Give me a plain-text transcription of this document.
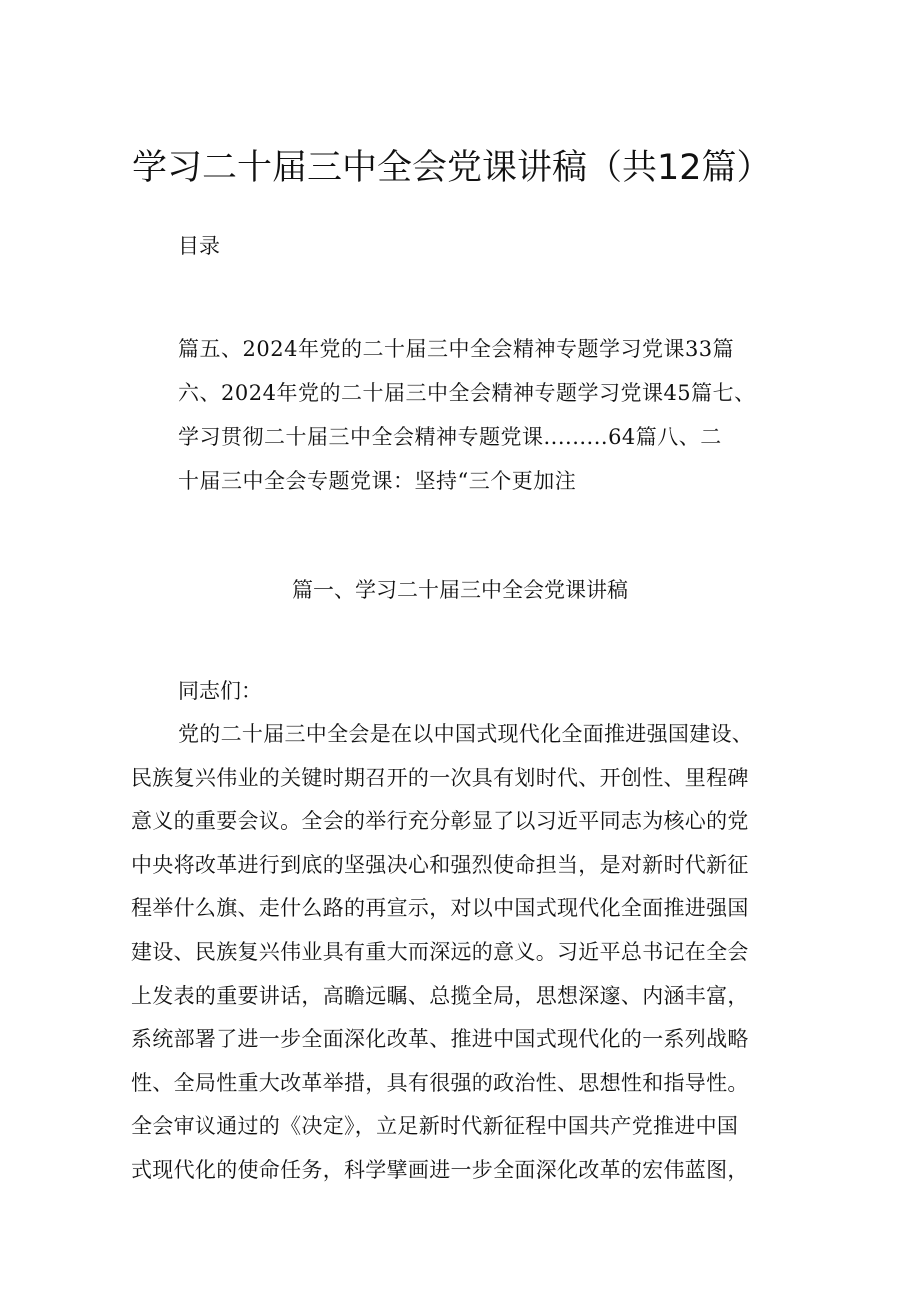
学习二十届三中全会党课讲稿（共12篇）
目录
篇五、2024年党的二十届三中全会精神专题学习党课33篇
六、2024年党的二十届三中全会精神专题学习党课45篇七、
学习贯彻二十届三中全会精神专题党课.........64篇八、二
十届三中全会专题党课：坚持“三个更加注
篇一、学习二十届三中全会党课讲稿
同志们：
党的二十届三中全会是在以中国式现代化全面推进强国建设、
民族复兴伟业的关键时期召开的一次具有划时代、开创性、里程碑
意义的重要会议。全会的举行充分彰显了以习近平同志为核心的党
中央将改革进行到底的坚强决心和强烈使命担当，是对新时代新征
程举什么旗、走什么路的再宣示，对以中国式现代化全面推进强国
建设、民族复兴伟业具有重大而深远的意义。习近平总书记在全会
上发表的重要讲话，高瞻远瞩、总揽全局，思想深邃、内涵丰富，
系统部署了进一步全面深化改革、推进中国式现代化的一系列战略
性、全局性重大改革举措，具有很强的政治性、思想性和指导性。
全会审议通过的《决定》，立足新时代新征程中国共产党推进中国
式现代化的使命任务，科学擘画进一步全面深化改革的宏伟蓝图，
